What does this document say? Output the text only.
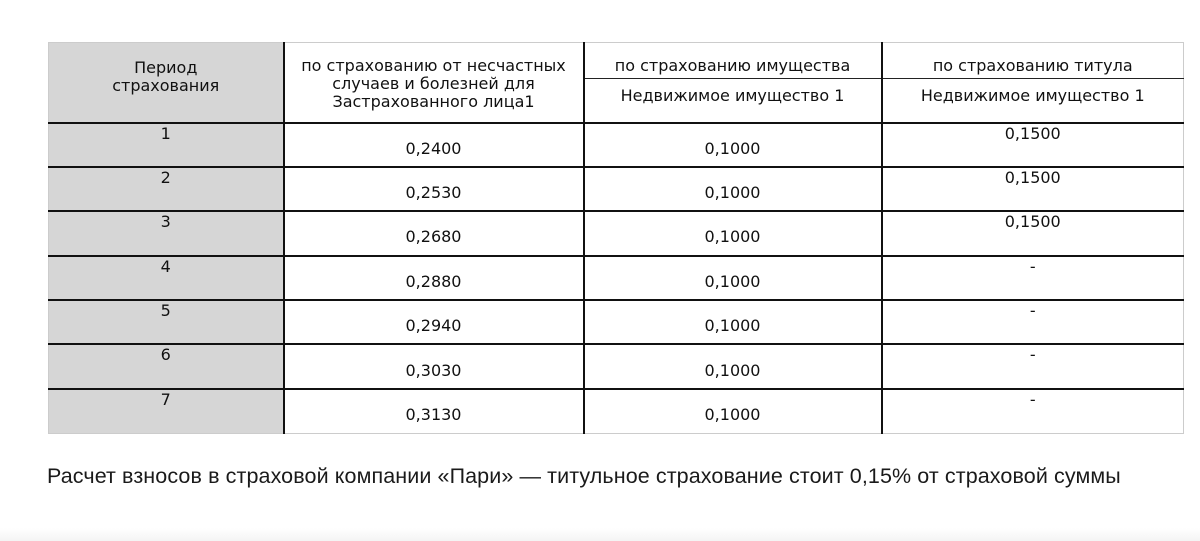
Период
страхования	по страхованию от несчастных случаев и болезней для Застрахованного лица1	по страхованию имущества	по страхованию титула
		Недвижимое имущество 1	Недвижимое имущество 1
1	0,2400	0,1000	0,1500
2	0,2530	0,1000	0,1500
3	0,2680	0,1000	0,1500
4	0,2880	0,1000	-
5	0,2940	0,1000	-
6	0,3030	0,1000	-
7	0,3130	0,1000	-

Расчет взносов в страховой компании «Пари» — титульное страхование стоит 0,15% от страховой суммы
